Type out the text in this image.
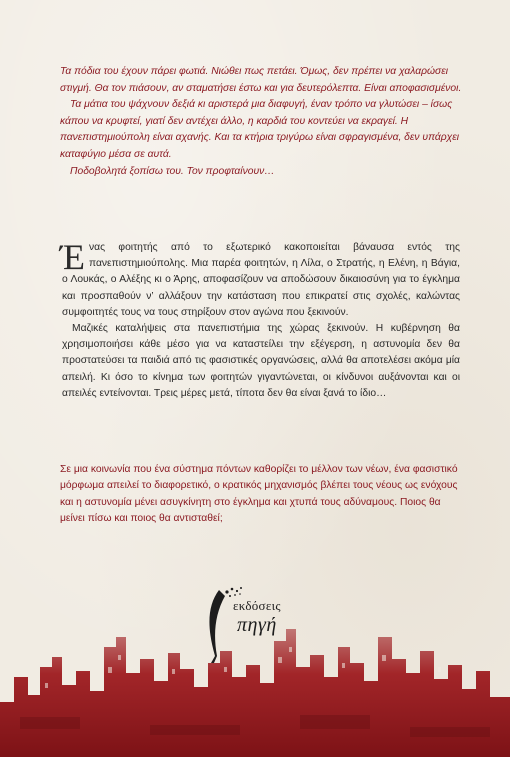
Τα πόδια του έχουν πάρει φωτιά. Νιώθει πως πετάει. Όμως, δεν πρέπει να χαλαρώσει στιγμή. Θα τον πιάσουν, αν σταματήσει έστω και για δευτερόλεπτα. Είναι αποφασισμένοι.

Τα μάτια του ψάχνουν δεξιά κι αριστερά μια διαφυγή, έναν τρόπο να γλυτώσει – ίσως κάπου να κρυφτεί, γιατί δεν αντέχει άλλο, η καρδιά του κοντεύει να εκραγεί. Η πανεπιστημιούπολη είναι αχανής. Και τα κτήρια τριγύρω είναι σφραγισμένα, δεν υπάρχει καταφύγιο μέσα σε αυτά.

Ποδοβολητά ξοπίσω του. Τον προφταίνουν…

Ένας φοιτητής από το εξωτερικό κακοποιείται βάναυσα εντός της πανεπιστημιούπολης. Μια παρέα φοιτητών, η Λίλα, ο Στρατής, η Ελένη, η Βάγια, ο Λουκάς, ο Αλέξης κι ο Άρης, αποφασίζουν να αποδώσουν δικαιοσύνη για το έγκλημα και προσπαθούν ν’ αλλάξουν την κατάσταση που επικρατεί στις σχολές, καλώντας συμφοιτητές τους να τους στηρίξουν στον αγώνα που ξεκινούν.

Μαζικές καταλήψεις στα πανεπιστήμια της χώρας ξεκινούν. Η κυβέρνηση θα χρησιμοποιήσει κάθε μέσο για να καταστείλει την εξέγερση, η αστυνομία δεν θα προστατεύσει τα παιδιά από τις φασιστικές οργανώσεις, αλλά θα αποτελέσει ακόμα μία απειλή. Κι όσο το κίνημα των φοιτητών γιγαντώνεται, οι κίνδυνοι αυξάνονται και οι απειλές εντείνονται. Τρεις μέρες μετά, τίποτα δεν θα είναι ξανά το ίδιο…

Σε μια κοινωνία που ένα σύστημα πόντων καθορίζει το μέλλον των νέων, ένα φασιστικό μόρφωμα απειλεί το διαφορετικό, ο κρατικός μηχανισμός βλέπει τους νέους ως ενόχους και η αστυνομία μένει ασυγκίνητη στο έγκλημα και χτυπά τους αδύναμους. Ποιος θα μείνει πίσω και ποιος θα αντισταθεί;
εκδόσεις
πηγή
